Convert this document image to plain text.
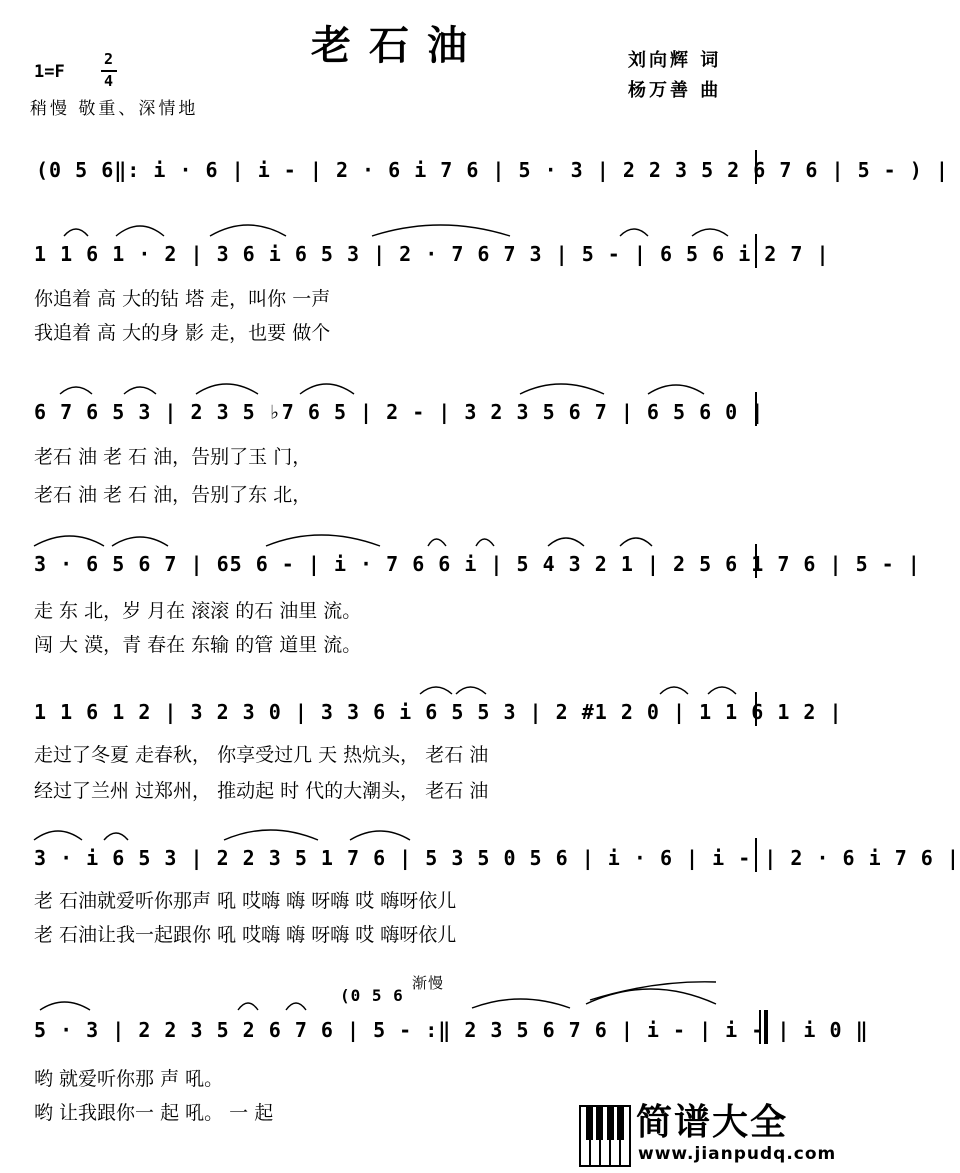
老石油	刘向辉 词
杨万善 曲
1=F
2
4
稍慢 敬重、深情地
(0 5 6‖: i · 6 | i - | 2 · 6 i 7 6 | 5 · 3 | 2 2 3 5 2 6 7 6 | 5 - ) |
1 1 6 1 · 2 | 3 6 i 6 5 3 | 2 · 7 6 7 3 | 5 - | 6 5 6 i 2 7 |
你追着 高 大的钻 塔 走，叫你 一声
我追着 高 大的身 影 走，也要 做个
6 7 6 5 3 | 2 3 5 ♭7 6 5 | 2 - | 3 2 3 5 6 7 | 6 5 6 0 |
老石 油 老 石 油，告别了玉 门，
老石 油 老 石 油，告别了东 北，
3 · 6 5 6 7 | 65 6 - | i · 7 6 6 i | 5 4 3 2 1 | 2 5 6 1 7 6 | 5 - |
走 东 北，岁 月在 滚滚 的石 油里 流。
闯 大 漠，青 春在 东输 的管 道里 流。
1 1 6 1 2 | 3 2 3 0 | 3 3 6 i 6 5 5 3 | 2 #1 2 0 | 1 1 6 1 2 |
走过了冬夏 走春秋， 你享受过几 天 热炕头， 老石 油
经过了兰州 过郑州， 推动起 时 代的大潮头， 老石 油
3 · i 6 5 3 | 2 2 3 5 1 7 6 | 5 3 5 0 5 6 | i · 6 | i - | 2 · 6 i 7 6 |
老 石油就爱听你那声 吼 哎嗨 嗨 呀嗨 哎 嗨呀依儿
老 石油让我一起跟你 吼 哎嗨 嗨 呀嗨 哎 嗨呀依儿
渐慢
(0 5 6
5 · 3 | 2 2 3 5 2 6 7 6 | 5 - :‖ 2 3 5 6 7 6 | i - | i - | i 0 ‖
哟 就爱听你那 声 吼。
哟 让我跟你一 起 吼。 一 起	简谱大全
www.jianpudq.com
